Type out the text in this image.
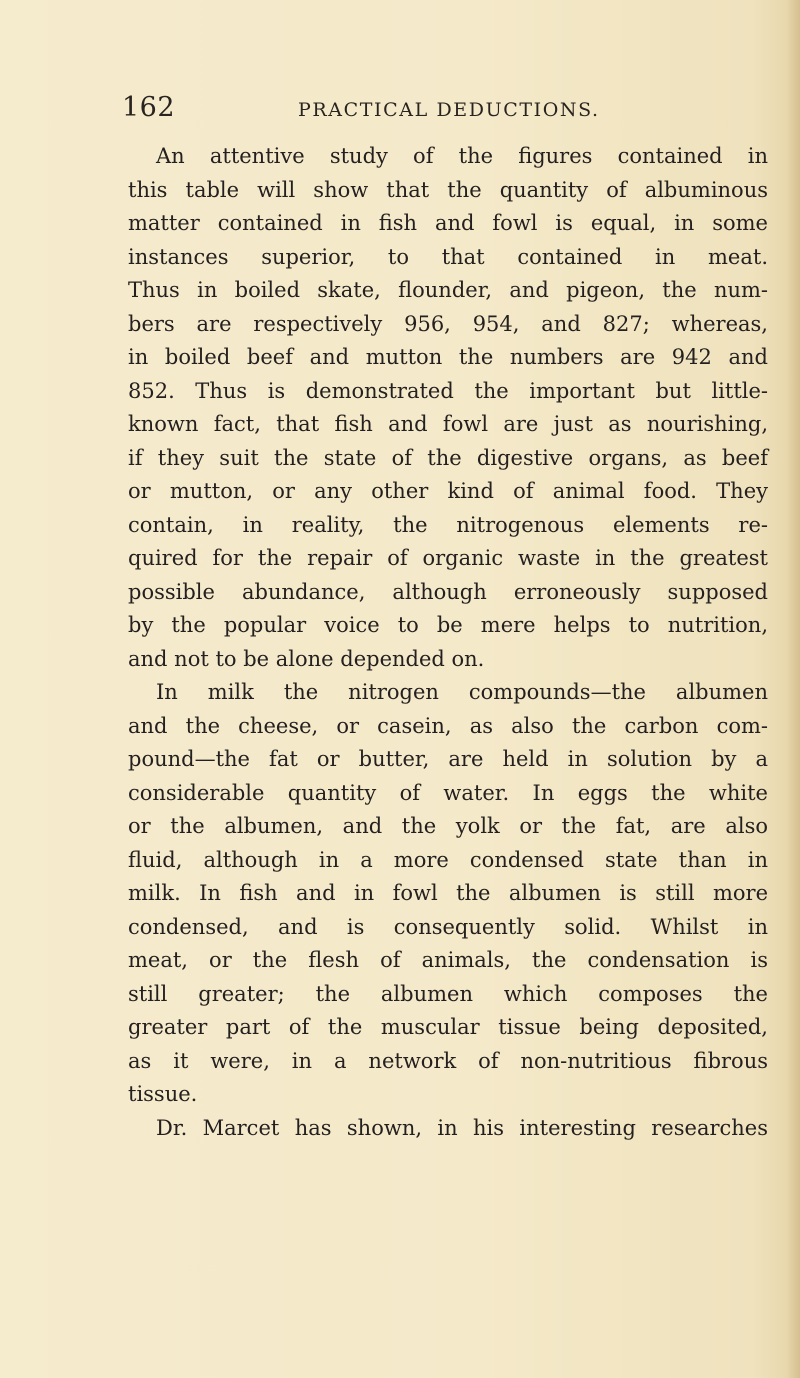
162	PRACTICAL DEDUCTIONS.
An attentive study of the figures contained in
this table will show that the quantity of albuminous
matter contained in fish and fowl is equal, in some
instances superior, to that contained in meat.
Thus in boiled skate, flounder, and pigeon, the num-
bers are respectively 956, 954, and 827; whereas,
in boiled beef and mutton the numbers are 942 and
852. Thus is demonstrated the important but little-
known fact, that fish and fowl are just as nourishing,
if they suit the state of the digestive organs, as beef
or mutton, or any other kind of animal food. They
contain, in reality, the nitrogenous elements re-
quired for the repair of organic waste in the greatest
possible abundance, although erroneously supposed
by the popular voice to be mere helps to nutrition,
and not to be alone depended on.
In milk the nitrogen compounds—the albumen
and the cheese, or casein, as also the carbon com-
pound—the fat or butter, are held in solution by a
considerable quantity of water. In eggs the white
or the albumen, and the yolk or the fat, are also
fluid, although in a more condensed state than in
milk. In fish and in fowl the albumen is still more
condensed, and is consequently solid. Whilst in
meat, or the flesh of animals, the condensation is
still greater; the albumen which composes the
greater part of the muscular tissue being deposited,
as it were, in a network of non-nutritious fibrous
tissue.
Dr. Marcet has shown, in his interesting researches
